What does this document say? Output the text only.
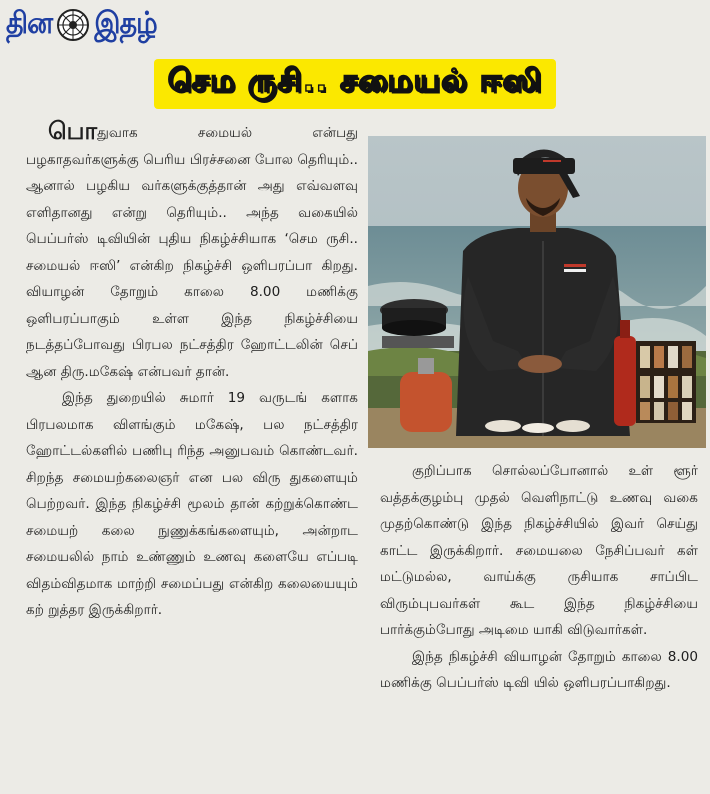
தின இதழ்
செம ருசி.. சமையல் ஈஸி

பொதுவாக சமையல் என்பது பழகாதவர்களுக்கு பெரிய பிரச்சனை போல தெரியும்.. ஆனால் பழகிய வர்களுக்குத்தான் அது எவ்வளவு எளிதானது என்று தெரியும்.. அந்த வகையில் பெப்பர்ஸ் டிவியின் புதிய நிகழ்ச்சியாக ‘செம ருசி.. சமையல் ஈஸி’ என்கிற நிகழ்ச்சி ஒளிபரப்பா கிறது. வியாழன் தோறும் காலை 8.00 மணிக்கு ஒளிபரப்பாகும் உள்ள இந்த நிகழ்ச்சியை நடத்தப்போவது பிரபல நட்சத்திர ஹோட்டலின் செப் ஆன திரு.மகேஷ் என்பவர் தான்.

இந்த துறையில் சுமார் 19 வருடங் களாக பிரபலமாக விளங்கும் மகேஷ், பல நட்சத்திர ஹோட்டல்களில் பணிபு ரிந்த அனுபவம் கொண்டவர். சிறந்த சமையற்கலைஞர் என பல விரு துகளையும் பெற்றவர். இந்த நிகழ்ச்சி மூலம் தான் கற்றுக்கொண்ட சமையற் கலை நுணுக்கங்களையும், அன்றாட சமையலில் நாம் உண்ணும் உணவு களையே எப்படி விதம்விதமாக மாற்றி சமைப்பது என்கிற கலையையும் கற் றுத்தர இருக்கிறார்.

குறிப்பாக சொல்லப்போனால் உள் ளூர் வத்தக்குழம்பு முதல் வெளிநாட்டு உணவு வகை முதற்கொண்டு இந்த நிகழ்ச்சியில் இவர் செய்து காட்ட இருக்கிறார். சமையலை நேசிப்பவர் கள் மட்டுமல்ல, வாய்க்கு ருசியாக சாப்பிட விரும்புபவர்கள் கூட இந்த நிகழ்ச்சியை பார்க்கும்போது அடிமை யாகி விடுவார்கள்.

இந்த நிகழ்ச்சி வியாழன் தோறும் காலை 8.00 மணிக்கு பெப்பர்ஸ் டிவி யில் ஒளிபரப்பாகிறது.
